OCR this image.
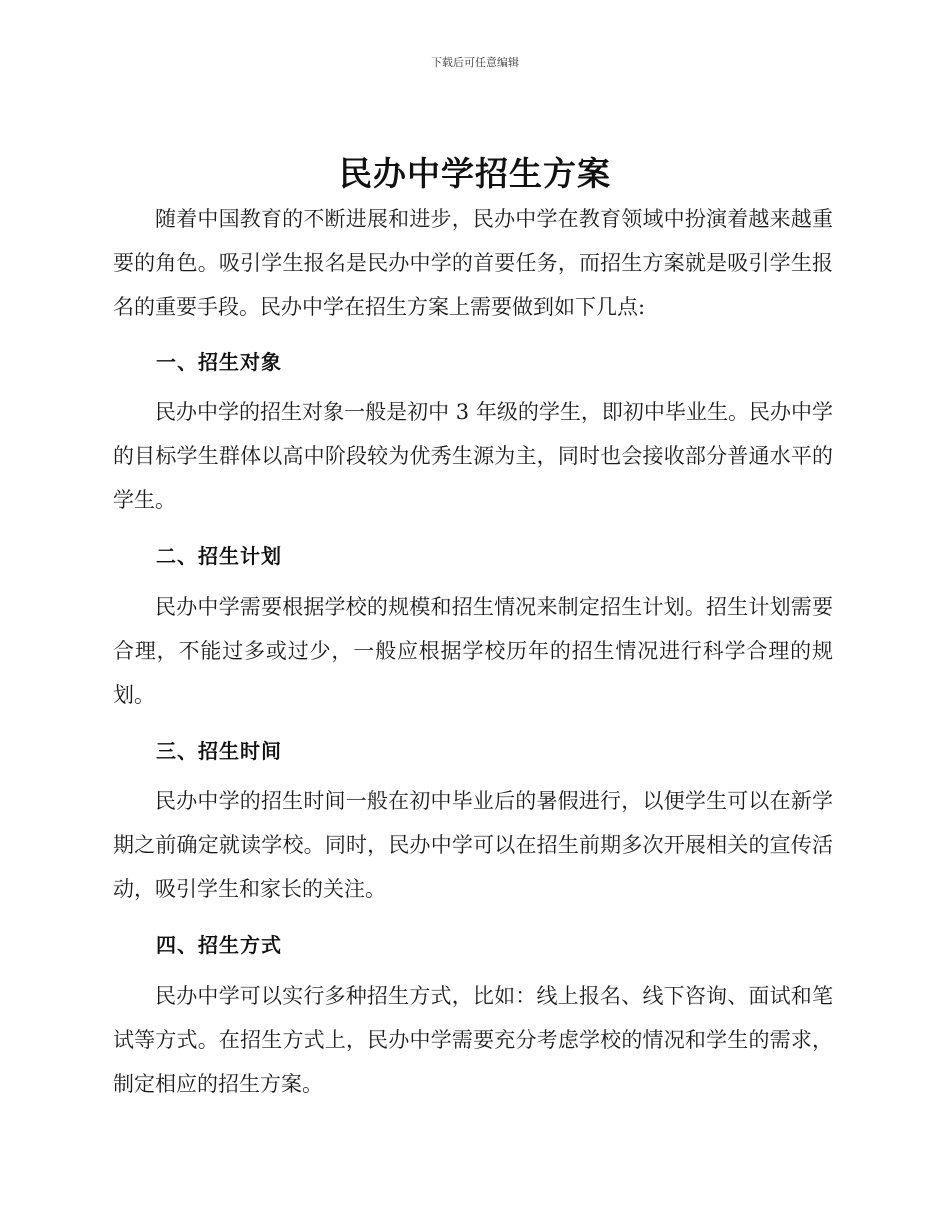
下载后可任意编辑
民办中学招生方案
随着中国教育的不断进展和进步，民办中学在教育领域中扮演着越来越重要的角色。吸引学生报名是民办中学的首要任务，而招生方案就是吸引学生报名的重要手段。民办中学在招生方案上需要做到如下几点:
一、招生对象
民办中学的招生对象一般是初中 3 年级的学生，即初中毕业生。民办中学的目标学生群体以高中阶段较为优秀生源为主，同时也会接收部分普通水平的学生。
二、招生计划
民办中学需要根据学校的规模和招生情况来制定招生计划。招生计划需要合理，不能过多或过少，一般应根据学校历年的招生情况进行科学合理的规划。
三、招生时间
民办中学的招生时间一般在初中毕业后的暑假进行，以便学生可以在新学期之前确定就读学校。同时，民办中学可以在招生前期多次开展相关的宣传活动，吸引学生和家长的关注。
四、招生方式
民办中学可以实行多种招生方式，比如：线上报名、线下咨询、面试和笔试等方式。在招生方式上，民办中学需要充分考虑学校的情况和学生的需求，制定相应的招生方案。
